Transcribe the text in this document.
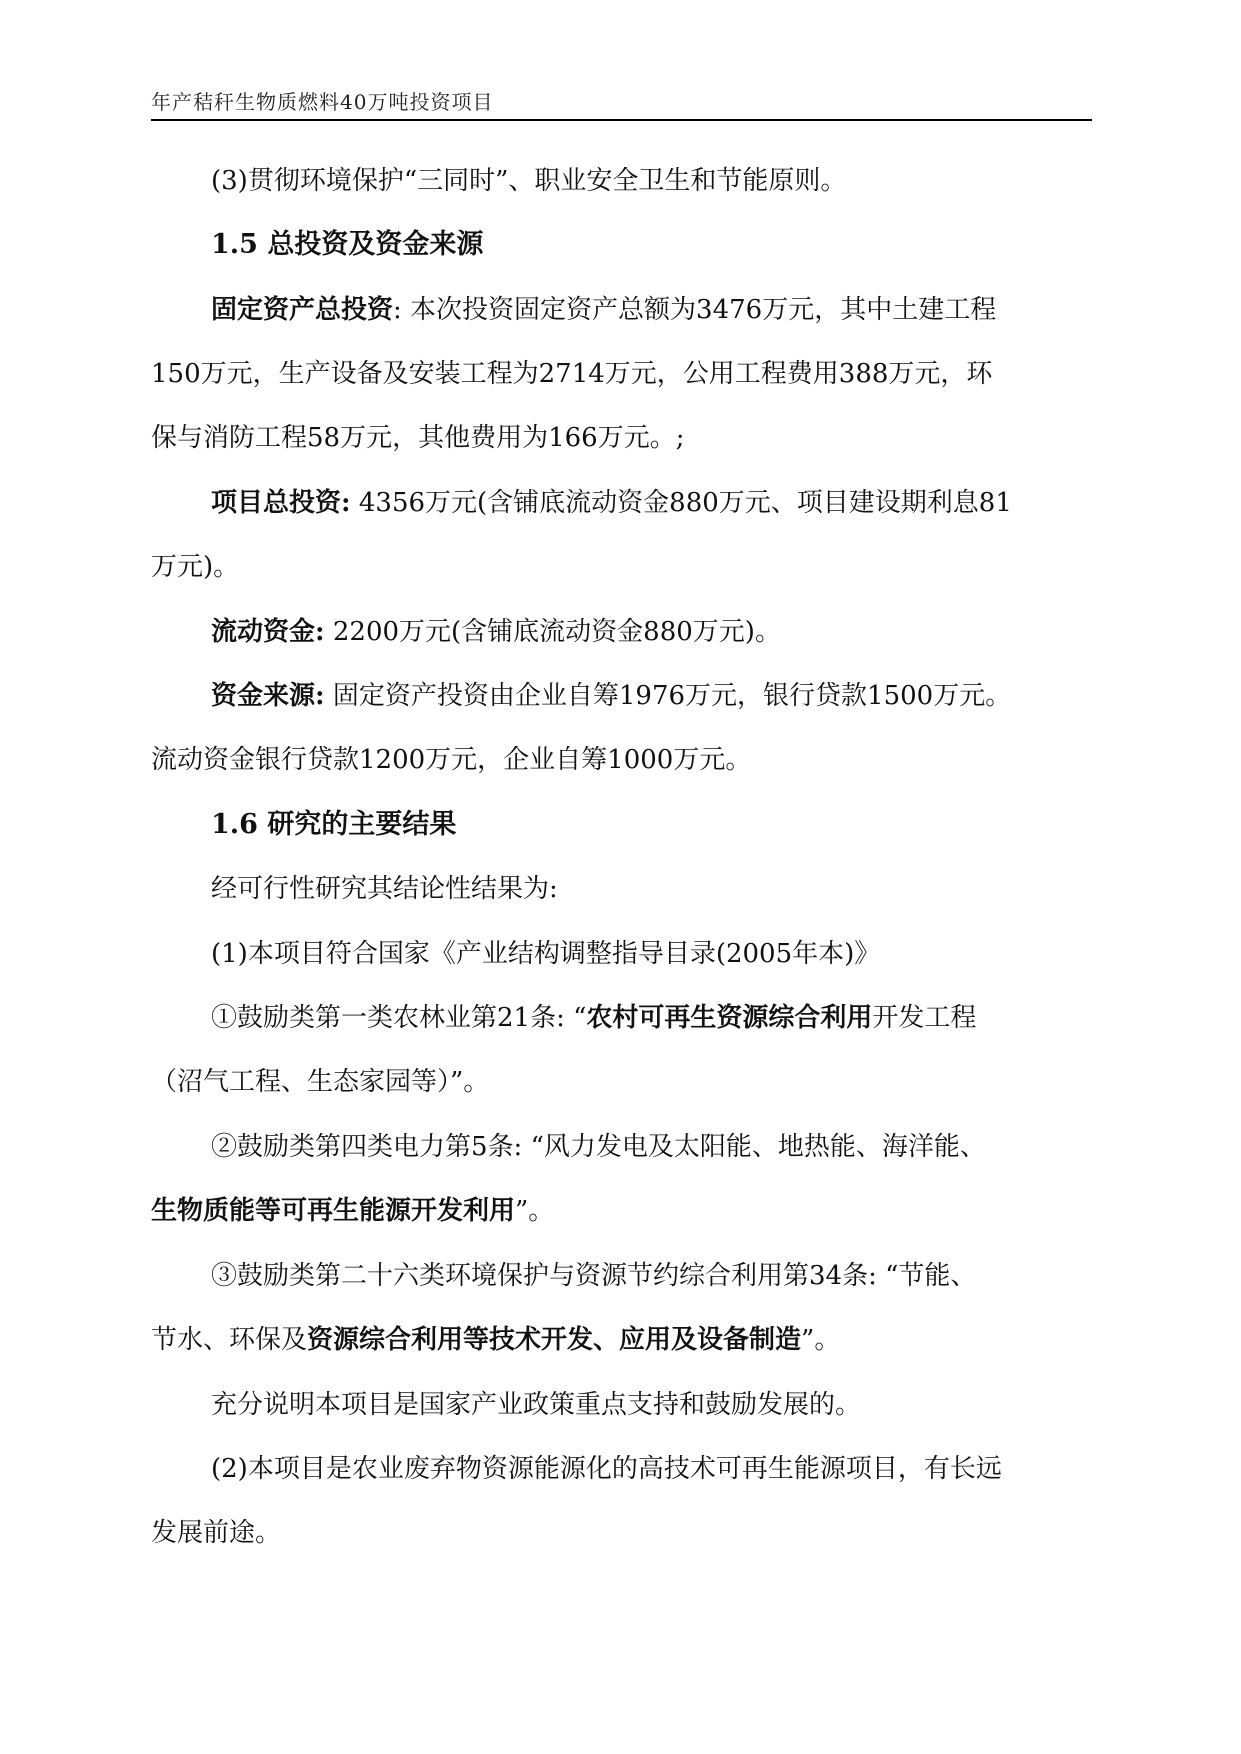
年产秸秆生物质燃料40万吨投资项目
(3)贯彻环境保护“三同时”、职业安全卫生和节能原则。
1.5 总投资及资金来源
固定资产总投资: 本次投资固定资产总额为3476万元，其中土建工程
150万元，生产设备及安装工程为2714万元，公用工程费用388万元，环
保与消防工程58万元，其他费用为166万元。;
项目总投资: 4356万元(含铺底流动资金880万元、项目建设期利息81
万元)。
流动资金: 2200万元(含铺底流动资金880万元)。
资金来源: 固定资产投资由企业自筹1976万元，银行贷款1500万元。
流动资金银行贷款1200万元，企业自筹1000万元。
1.6 研究的主要结果
经可行性研究其结论性结果为:
(1)本项目符合国家《产业结构调整指导目录(2005年本)》
①鼓励类第一类农林业第21条: “农村可再生资源综合利用开发工程
（沼气工程、生态家园等）”。
②鼓励类第四类电力第5条: “风力发电及太阳能、地热能、海洋能、
生物质能等可再生能源开发利用”。
③鼓励类第二十六类环境保护与资源节约综合利用第34条: “节能、
节水、环保及资源综合利用等技术开发、应用及设备制造”。
充分说明本项目是国家产业政策重点支持和鼓励发展的。
(2)本项目是农业废弃物资源能源化的高技术可再生能源项目，有长远
发展前途。
